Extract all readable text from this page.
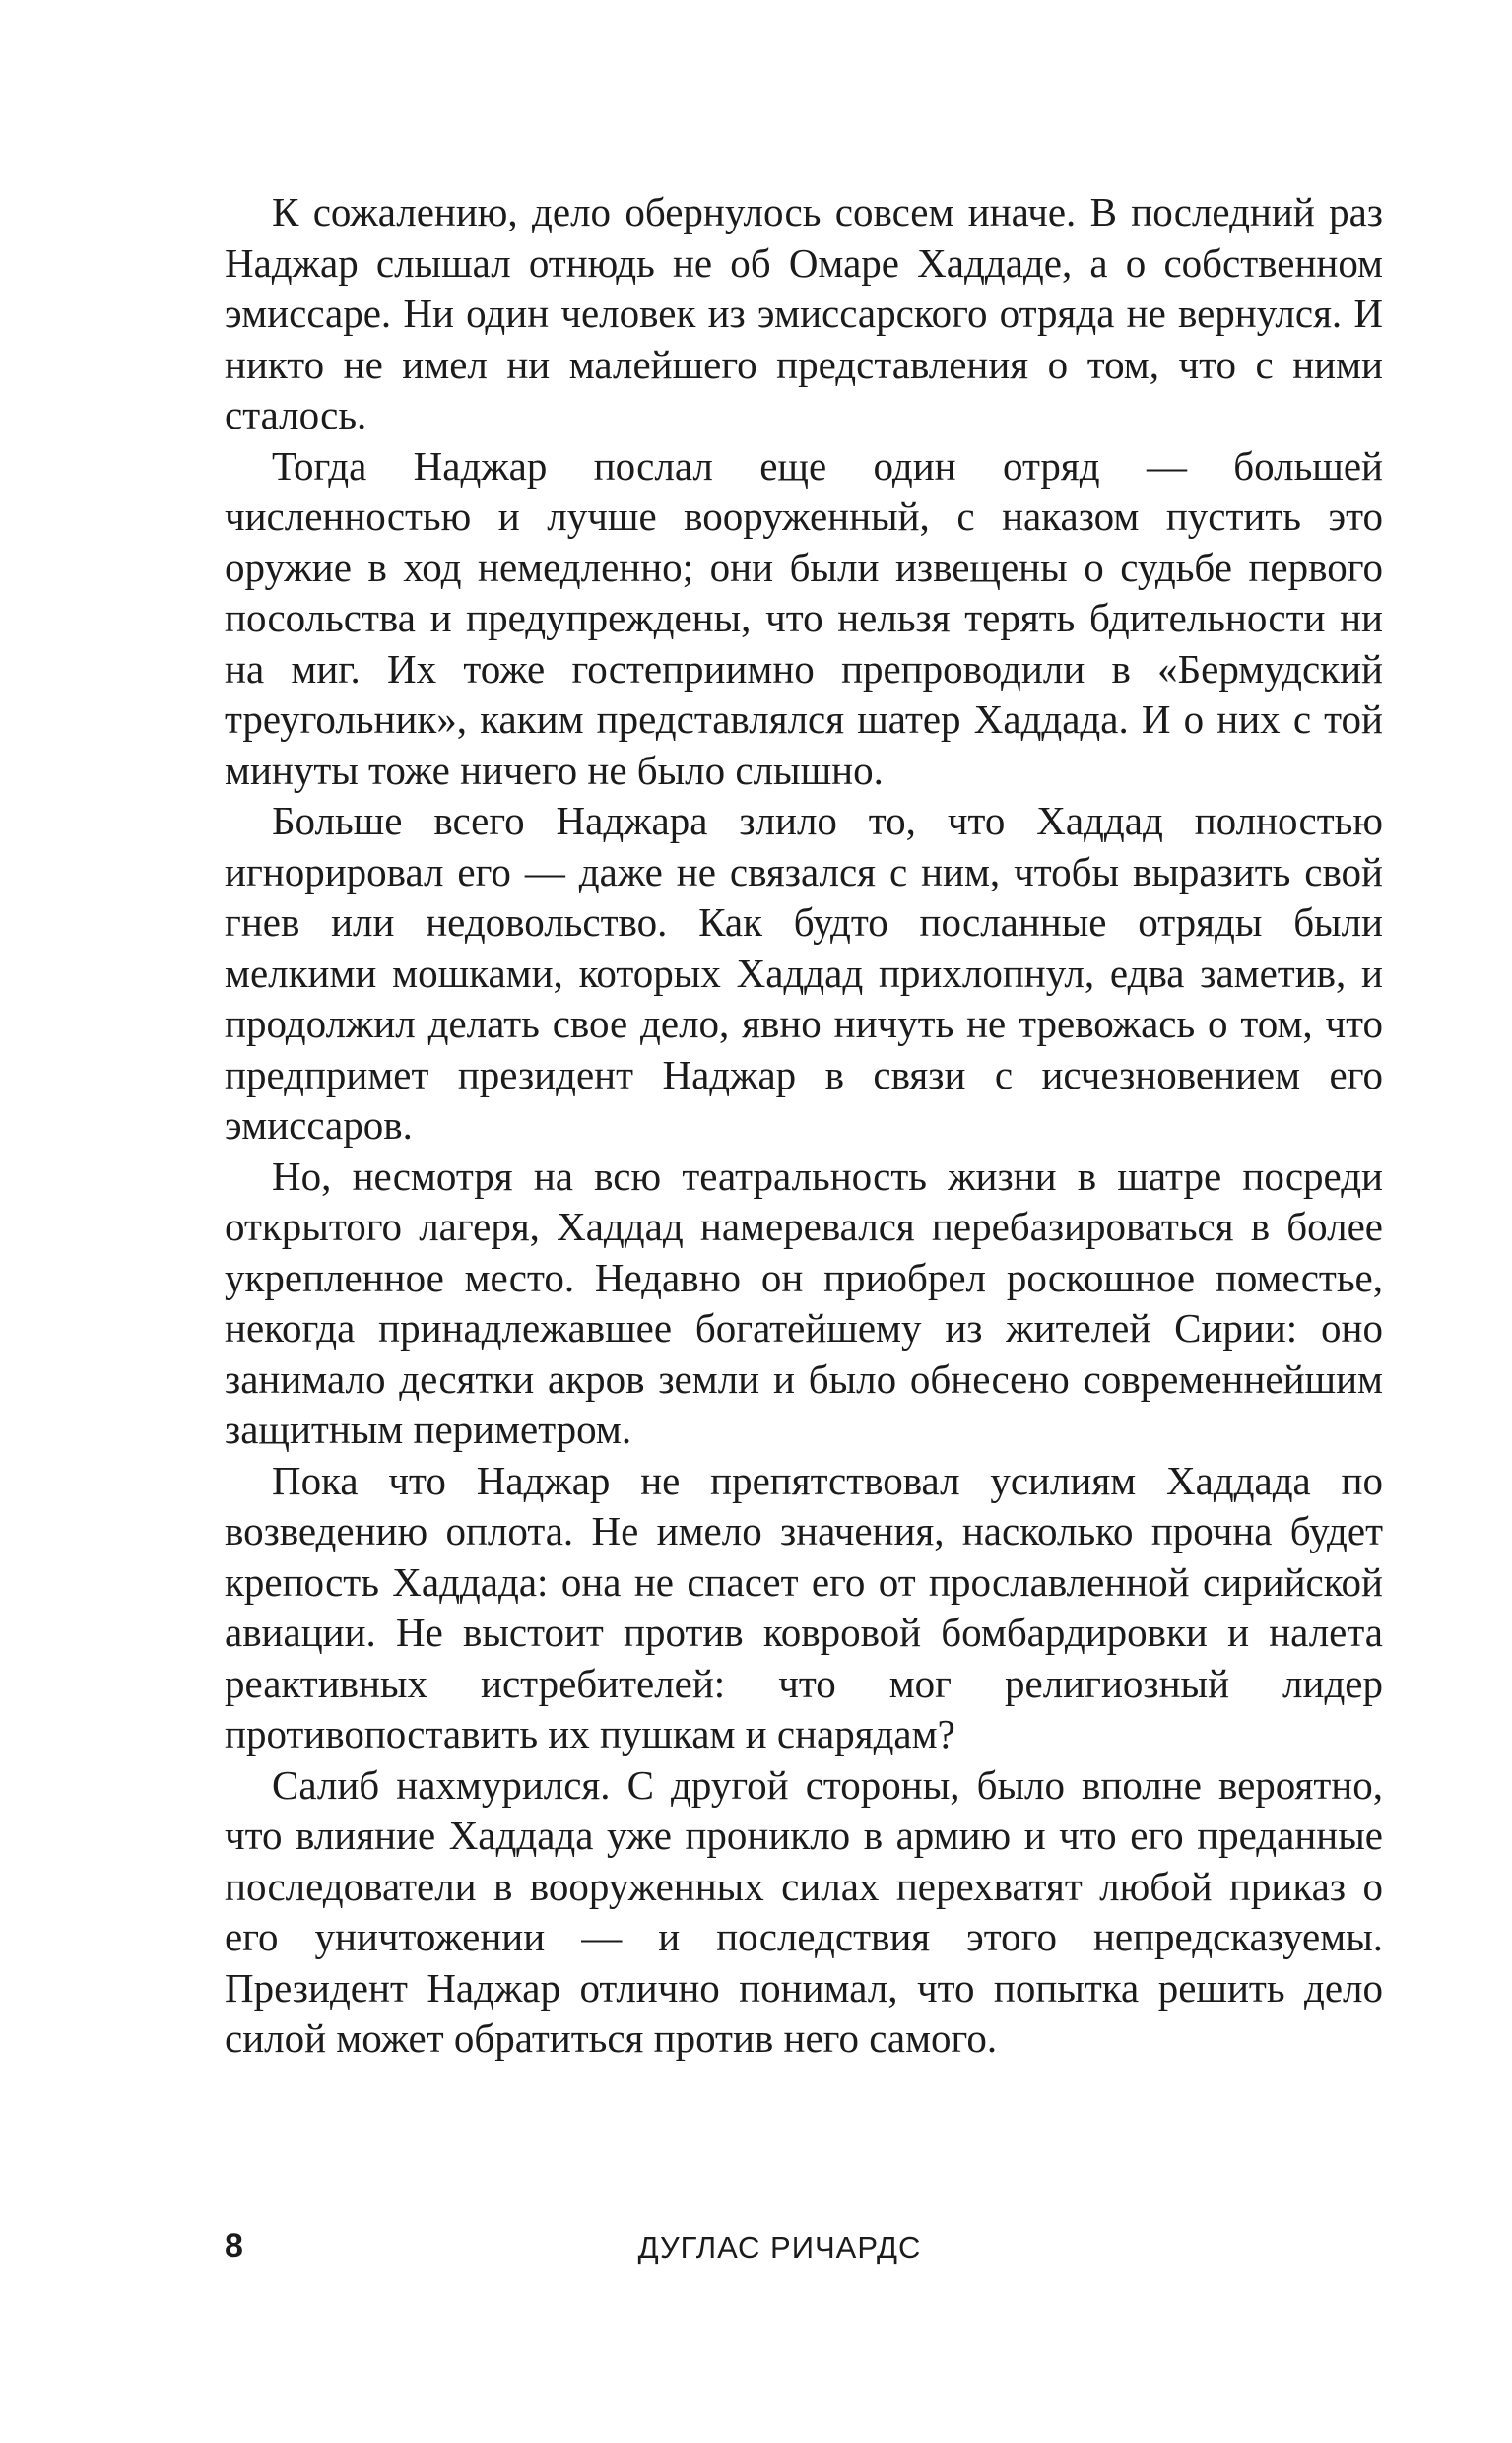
К сожалению, дело обернулось совсем иначе. В последний раз Наджар слышал отнюдь не об Омаре Хаддаде, а о собственном эмиссаре. Ни один человек из эмиссарского отряда не вернулся. И никто не имел ни малейшего представления о том, что с ними сталось.

Тогда Наджар послал еще один отряд — большей численностью и лучше вооруженный, с наказом пустить это оружие в ход немедленно; они были извещены о судьбе первого посольства и предупреждены, что нельзя терять бдительности ни на миг. Их тоже гостеприимно препроводили в «Бермудский треугольник», каким представлялся шатер Хаддада. И о них с той минуты тоже ничего не было слышно.

Больше всего Наджара злило то, что Хаддад полностью игнорировал его — даже не связался с ним, чтобы выразить свой гнев или недовольство. Как будто посланные отряды были мелкими мошками, которых Хаддад прихлопнул, едва заметив, и продолжил делать свое дело, явно ничуть не тревожась о том, что предпримет президент Наджар в связи с исчезновением его эмиссаров.

Но, несмотря на всю театральность жизни в шатре посреди открытого лагеря, Хаддад намеревался перебазироваться в более укрепленное место. Недавно он приобрел роскошное поместье, некогда принадлежавшее богатейшему из жителей Сирии: оно занимало десятки акров земли и было обнесено современнейшим защитным периметром.

Пока что Наджар не препятствовал усилиям Хаддада по возведению оплота. Не имело значения, насколько прочна будет крепость Хаддада: она не спасет его от прославленной сирийской авиации. Не выстоит против ковровой бомбардировки и налета реактивных истребителей: что мог религиозный лидер противопоставить их пушкам и снарядам?

Салиб нахмурился. С другой стороны, было вполне вероятно, что влияние Хаддада уже проникло в армию и что его преданные последователи в вооруженных силах перехватят любой приказ о его уничтожении — и последствия этого непредсказуемы. Президент Наджар отлично понимал, что попытка решить дело силой может обратиться против него самого.

8	ДУГЛАС РИЧАРДС
